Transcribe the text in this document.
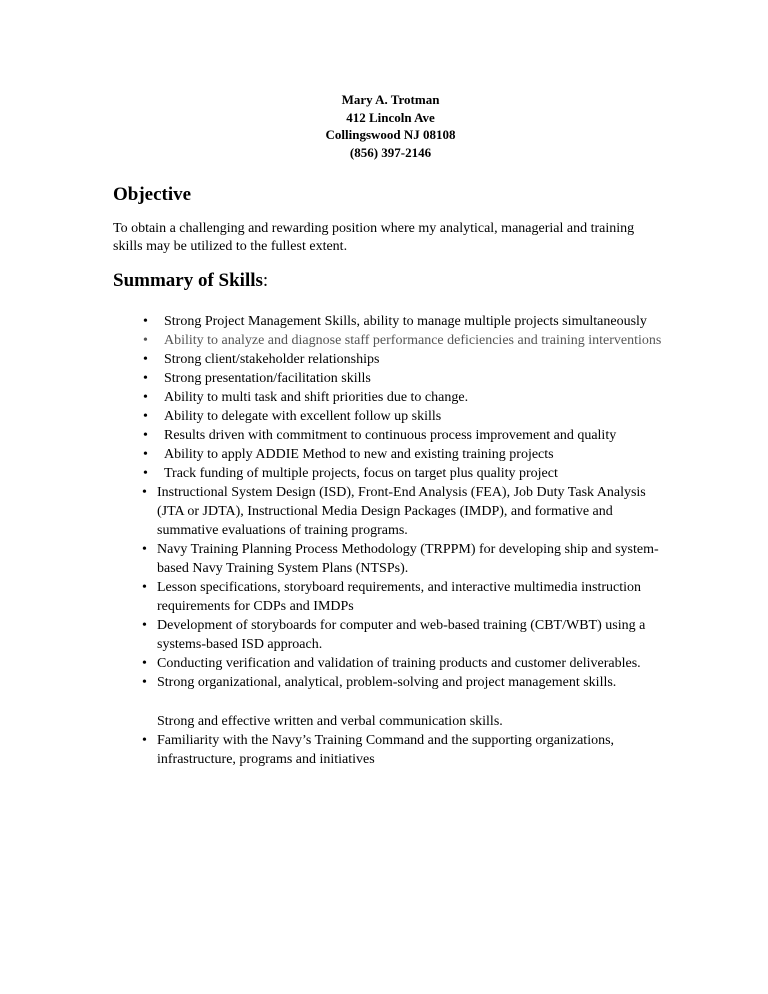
Mary A. Trotman
412 Lincoln Ave
Collingswood NJ 08108
(856) 397-2146
Objective

To obtain a challenging and rewarding position where my analytical, managerial and training skills may be utilized to the fullest extent.

Summary of Skills:
• Strong Project Management Skills, ability to manage multiple projects simultaneously
• Ability to analyze and diagnose staff performance deficiencies and training interventions
• Strong client/stakeholder relationships
• Strong presentation/facilitation skills
• Ability to multi task and shift priorities due to change.
• Ability to delegate with excellent follow up skills
• Results driven with commitment to continuous process improvement and quality
• Ability to apply ADDIE Method to new and existing training projects
• Track funding of multiple projects, focus on target plus quality project
• Instructional System Design (ISD), Front-End Analysis (FEA), Job Duty Task Analysis (JTA or JDTA), Instructional Media Design Packages (IMDP), and formative and summative evaluations of training programs.
• Navy Training Planning Process Methodology (TRPPM) for developing ship and system-based Navy Training System Plans (NTSPs).
• Lesson specifications, storyboard requirements, and interactive multimedia instruction requirements for CDPs and IMDPs
• Development of storyboards for computer and web-based training (CBT/WBT) using a systems-based ISD approach.
• Conducting verification and validation of training products and customer deliverables.
• Strong organizational, analytical, problem-solving and project management skills.
Strong and effective written and verbal communication skills.
• Familiarity with the Navy’s Training Command and the supporting organizations, infrastructure, programs and initiatives
